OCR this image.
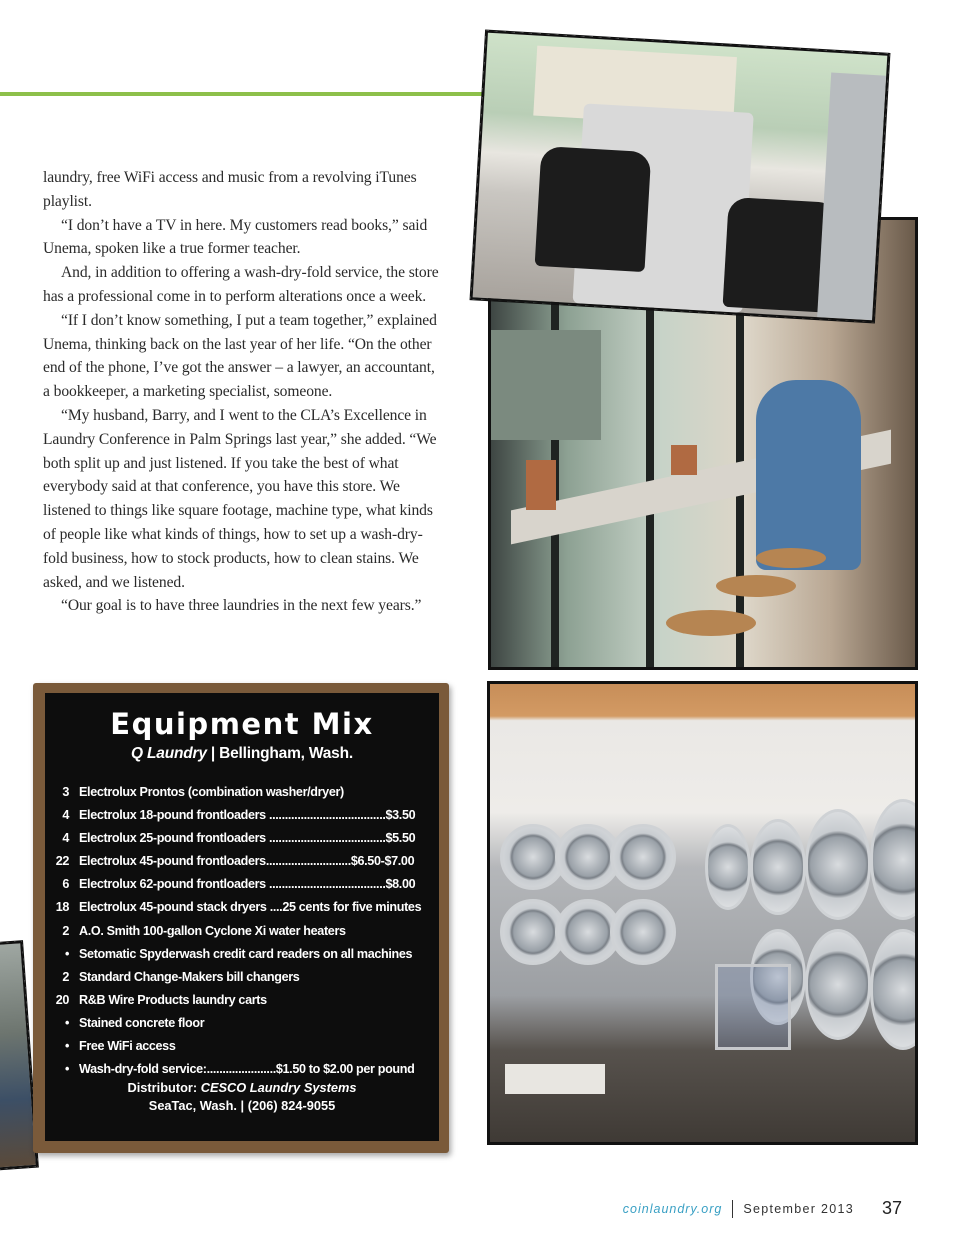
laundry, free WiFi access and music from a revolving iTunes playlist.

“I don’t have a TV in here. My customers read books,” said Unema, spoken like a true former teacher.

And, in addition to offering a wash-dry-fold service, the store has a professional come in to perform alterations once a week.

“If I don’t know something, I put a team together,” explained Unema, thinking back on the last year of her life. “On the other end of the phone, I’ve got the answer – a lawyer, an accountant, a bookkeeper, a marketing specialist, someone.

“My husband, Barry, and I went to the CLA’s Excellence in Laundry Conference in Palm Springs last year,” she added. “We both split up and just listened. If you take the best of what everybody said at that conference, you have this store. We listened to things like square footage, machine type, what kinds of people like what kinds of things, how to set up a wash-dry-fold business, how to stock products, how to clean stains. We asked, and we listened.

“Our goal is to have three laundries in the next few years.”

Equipment Mix
Q Laundry | Bellingham, Wash.
3 Electrolux Prontos (combination washer/dryer)
4 Electrolux 18-pound frontloaders .....................................$3.50
4 Electrolux 25-pound frontloaders .....................................$5.50
22 Electrolux 45-pound frontloaders...........................$6.50-$7.00
6 Electrolux 62-pound frontloaders .....................................$8.00
18 Electrolux 45-pound stack dryers ....25 cents for five minutes
2 A.O. Smith 100-gallon Cyclone Xi water heaters
• Setomatic Spyderwash credit card readers on all machines
2 Standard Change-Makers bill changers
20 R&B Wire Products laundry carts
• Stained concrete floor
• Free WiFi access
• Wash-dry-fold service:......................$1.50 to $2.00 per pound
Distributor: CESCO Laundry Systems
SeaTac, Wash. | (206) 824-9055
coinlaundry.org September 2013 37
